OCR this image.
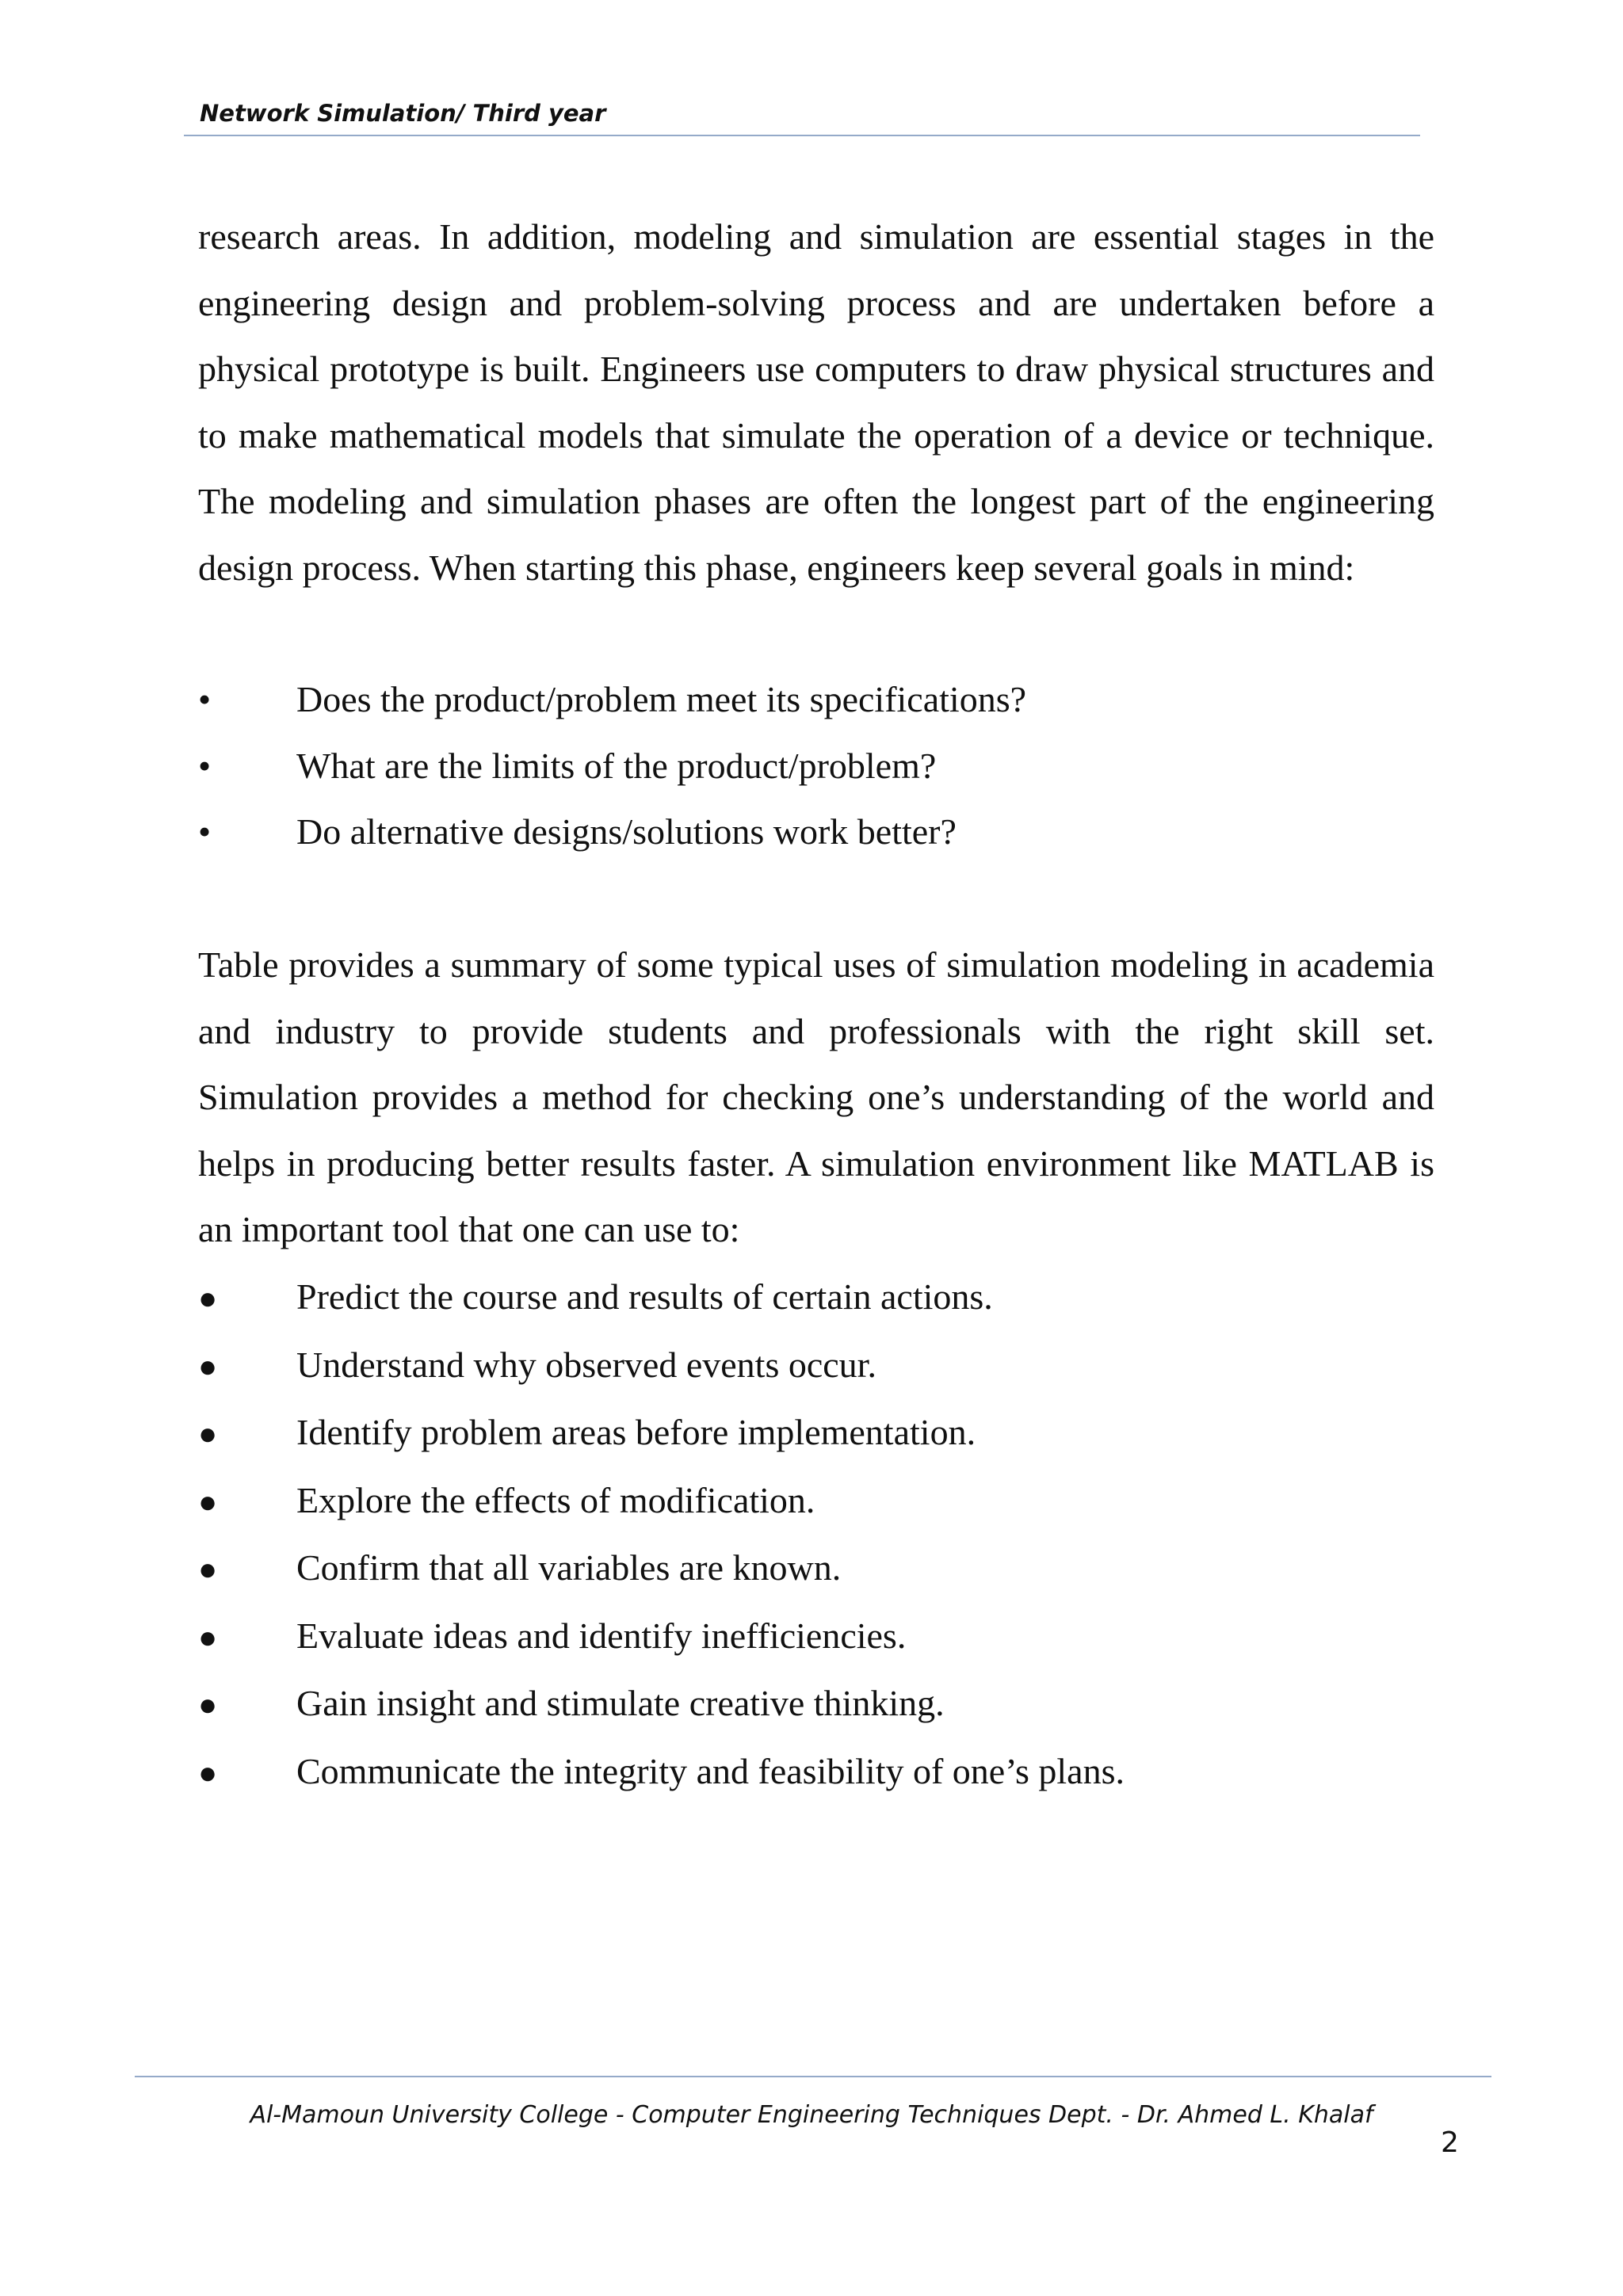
Network Simulation/ Third year

research areas. In addition, modeling and simulation are essential stages in the engineering design and problem-solving process and are undertaken before a physical prototype is built. Engineers use computers to draw physical structures and to make mathematical models that simulate the operation of a device or technique. The modeling and simulation phases are often the longest part of the engineering design process. When starting this phase, engineers keep several goals in mind:

•	Does the product/problem meet its specifications?
•	What are the limits of the product/problem?
•	Do alternative designs/solutions work better?

Table provides a summary of some typical uses of simulation modeling in academia and industry to provide students and professionals with the right skill set. Simulation provides a method for checking one’s understanding of the world and helps in producing better results faster. A simulation environment like MATLAB is an important tool that one can use to:

●	Predict the course and results of certain actions.
●	Understand why observed events occur.
●	Identify problem areas before implementation.
●	Explore the effects of modification.
●	Confirm that all variables are known.
●	Evaluate ideas and identify inefficiencies.
●	Gain insight and stimulate creative thinking.
●	Communicate the integrity and feasibility of one’s plans.
Al-Mamoun University College - Computer Engineering Techniques Dept. - Dr. Ahmed L. Khalaf
2
